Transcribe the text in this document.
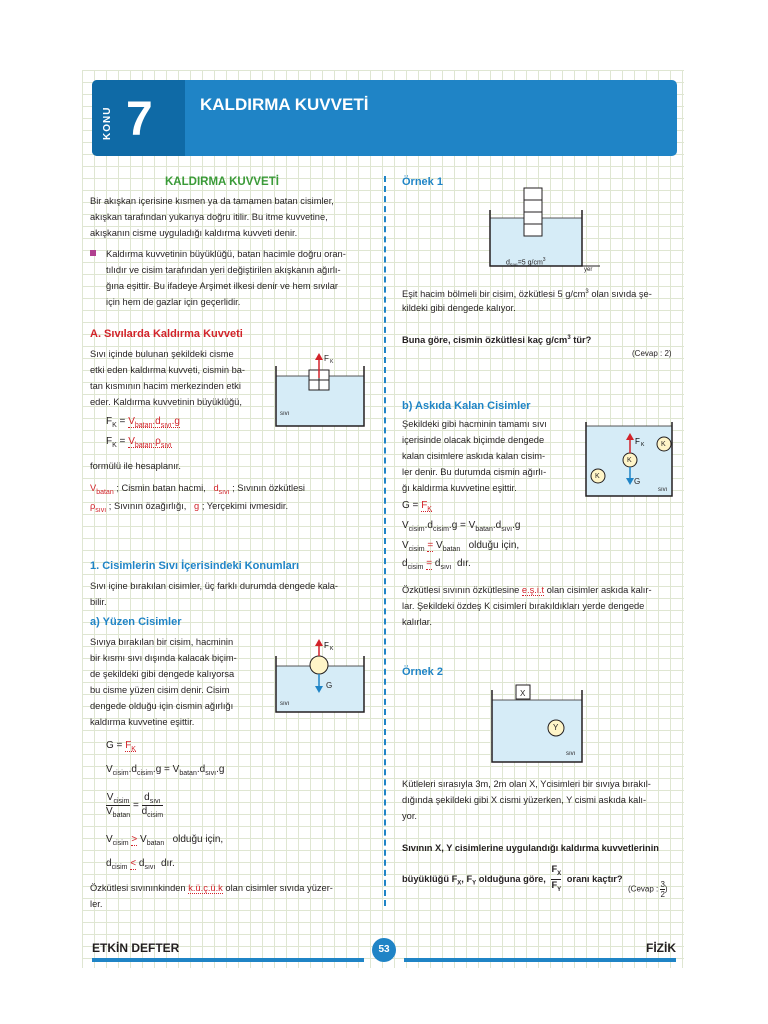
KONU 7	KALDIRMA KUVVETİ
KALDIRMA KUVVETİ
Bir akışkan içerisine kısmen ya da tamamen batan cisimler,
akışkan tarafından yukarıya doğru itilir. Bu itme kuvvetine,
akışkanın cisme uyguladığı kaldırma kuvveti denir.
Kaldırma kuvvetinin büyüklüğü, batan hacimle doğru oran-
tılıdır ve cisim tarafından yeri değiştirilen akışkanın ağırlı-
ğına eşittir. Bu ifadeye Arşimet ilkesi denir ve hem sıvılar
için hem de gazlar için geçerlidir.
A. Sıvılarda Kaldırma Kuvveti
Sıvı içinde bulunan şekildeki cisme
etki eden kaldırma kuvveti, cismin ba-
tan kısmının hacim merkezinden etki
eder. Kaldırma kuvvetinin büyüklüğü,
$F_K = V_{batan}.d_{sıvı}.g$
$F_K = V_{batan}.\rho_{sıvı}$
formülü ile hesaplanır.
$V_{batan}$ ; Cismin batan hacmi, $d_{sıvı}$ ; Sıvının özkütlesi
$\rho_{sıvı}$ ; Sıvının özağırlığı, g ; Yerçekimi ivmesidir.
F K
sıvı
1. Cisimlerin Sıvı İçerisindeki Konumları
Sıvı içine bırakılan cisimler, üç farklı durumda dengede kala-
bilir.
a) Yüzen Cisimler
Sıvıya bırakılan bir cisim, hacminin
bir kısmı sıvı dışında kalacak biçim-
de şekildeki gibi dengede kalıyorsa
bu cisme yüzen cisim denir. Cisim
dengede olduğu için cismin ağırlığı
kaldırma kuvvetine eşittir.
F K
G
sıvı
$G = F_K$
$V_{cisim}.d_{cisim}.g = V_{batan}.d_{sıvı}.g$
$V_{cisim}$
$V_{batan}$ =
$d_{sıvı}$
$d_{cisim}$
$V_{cisim} > V_{batan}$ olduğu için,
$d_{cisim} < d_{sıvı}$ dır.
Özkütlesi sıvınınkinden k.ü.ç.ü.k olan cisimler sıvıda yüzer-
ler.
Örnek 1
$d_{sıvı}=5$ $g/cm^3$
yer
Eşit hacim bölmeli bir cisim, özkütlesi 5 $g/cm^3$ olan sıvıda şe-
kildeki gibi dengede kalıyor.
Buna göre, cismin özkütlesi kaç $g/cm^3$ tür?
(Cevap : 2)
b) Askıda Kalan Cisimler
Şekildeki gibi hacminin tamamı sıvı
içerisinde olacak biçimde dengede
kalan cisimlere askıda kalan cisim-
ler denir. Bu durumda cismin ağırlı-
ğı kaldırma kuvvetine eşittir.
F K
K
K
K
G
sıvı
$G = F_K$
$V_{cisim}.d_{cisim}.g = V_{batan}.d_{sıvı}.g$
$V_{cisim} = V_{batan}$ olduğu için,
$d_{cisim} = d_{sıvı}$ dır.
Özkütlesi sıvının özkütlesine e.ş.i.t olan cisimler askıda kalır-
lar. Şekildeki özdeş K cisimleri bırakıldıkları yerde dengede
kalırlar.
Örnek 2
X
Y
sıvı
Kütleleri sırasıyla 3m, 2m olan X, Ycisimleri bir sıvıya bırakıl-
dığında şekildeki gibi X cismi yüzerken, Y cismi askıda kalı-
yor.
Sıvının X, Y cisimlerine uygulandığı kaldırma kuvvetlerinin
büyüklüğü $F_X$, $F_Y$ olduğuna göre, $\frac{F_X}{F_Y}$ oranı kaçtır?
(Cevap : $\frac{3}{2}$)
ETKİN DEFTER	FİZİK
53
